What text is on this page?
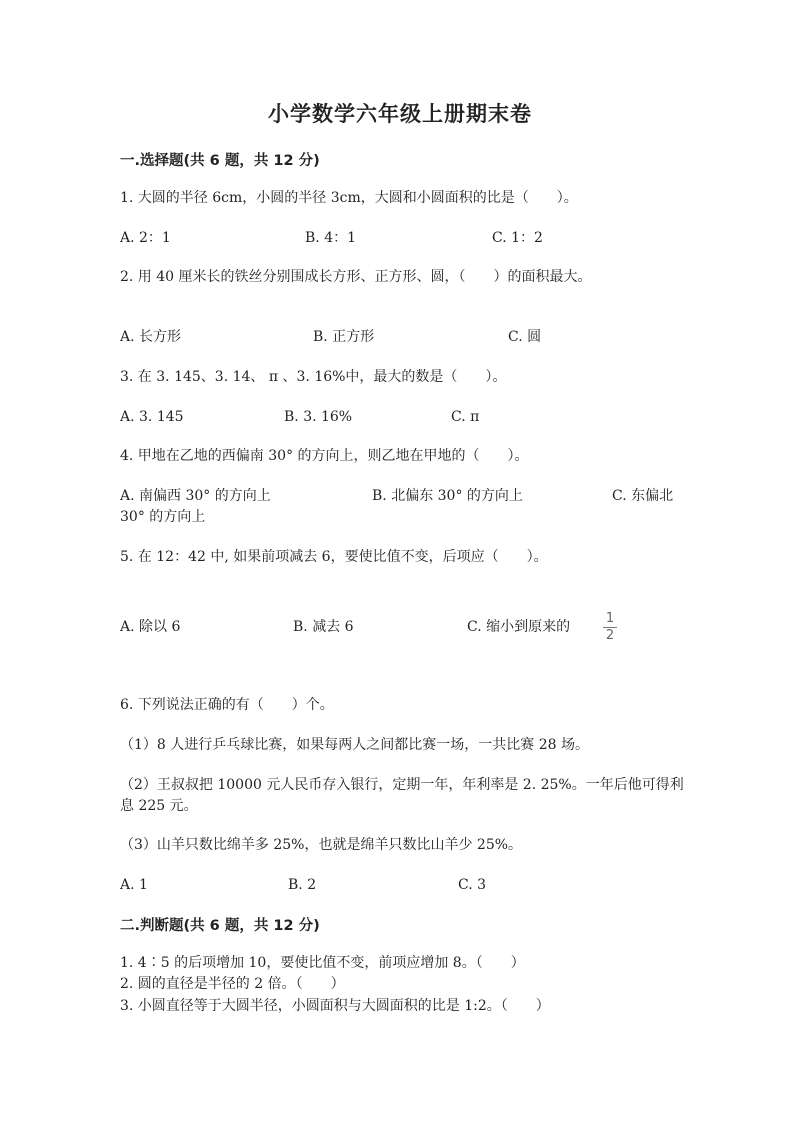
小学数学六年级上册期末卷
一.选择题(共 6 题，共 12 分)
1. 大圆的半径 6cm，小圆的半径 3cm，大圆和小圆面积的比是（　　）。
A. 2：1	B. 4：1	C. 1：2
2. 用 40 厘米长的铁丝分别围成长方形、正方形、圆，（　　）的面积最大。
A. 长方形	B. 正方形	C. 圆
3. 在 3. 145、3. 14、 π 、3. 16%中，最大的数是（　　）。
A. 3. 145	B. 3. 16%	C. π
4. 甲地在乙地的西偏南 30° 的方向上，则乙地在甲地的（　　）。
A. 南偏西 30° 的方向上	B. 北偏东 30° 的方向上	C. 东偏北
30° 的方向上
5. 在 12：42 中, 如果前项减去 6，要使比值不变，后项应（　　）。
A. 除以 6	B. 减去 6	C. 缩小到原来的	$\frac{1}{2}$
6. 下列说法正确的有（　　）个。
（1）8 人进行乒乓球比赛，如果每两人之间都比赛一场，一共比赛 28 场。
（2）王叔叔把 10000 元人民币存入银行，定期一年，年利率是 2. 25%。一年后他可得利息 225 元。
（3）山羊只数比绵羊多 25%，也就是绵羊只数比山羊少 25%。
A. 1	B. 2	C. 3
二.判断题(共 6 题，共 12 分)
1. 4∶5 的后项增加 10，要使比值不变，前项应增加 8。（　　）
2. 圆的直径是半径的 2 倍。（　　）
3. 小圆直径等于大圆半径，小圆面积与大圆面积的比是 1:2。（　　）
